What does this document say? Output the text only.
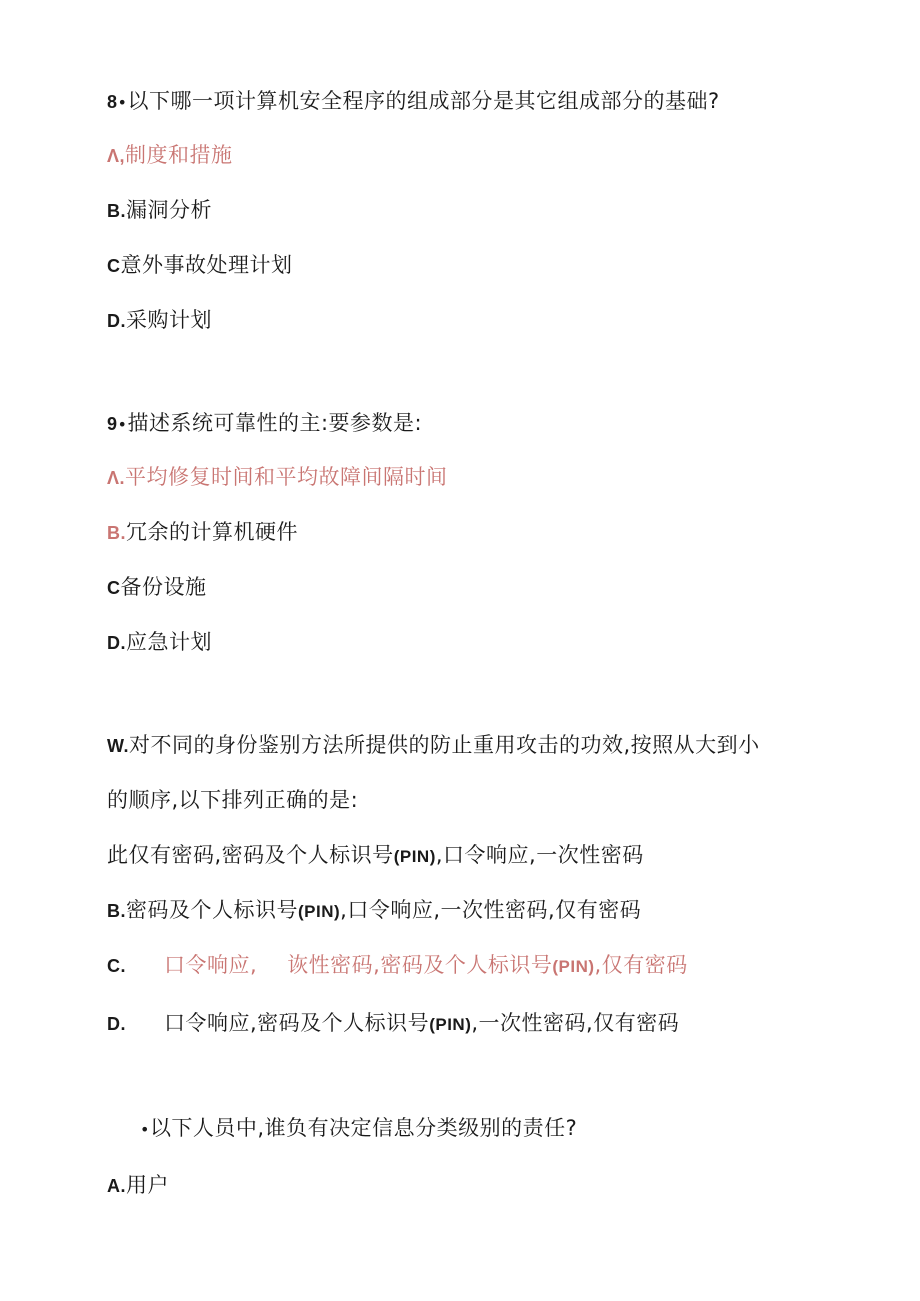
8•以下哪一项计算机安全程序的组成部分是其它组成部分的基础?
Λ,制度和措施
B.漏洞分析
C意外事故处理计划
D.采购计划
9•描述系统可靠性的主:要参数是:
Λ.平均修复时间和平均故障间隔时间
B.冗余的计算机硬件
C备份设施
D.应急计划
W.对不同的身份鉴别方法所提供的防止重用攻击的功效,按照从大到小
的顺序,以下排列正确的是:
此仅有密码,密码及个人标识号(PIN),口令响应,一次性密码
B.密码及个人标识号(PIN),口令响应,一次性密码,仅有密码
C. 口令响应, 诙性密码,密码及个人标识号(PIN),仅有密码
D. 口令响应,密码及个人标识号(PIN),一次性密码,仅有密码
•以下人员中,谁负有决定信息分类级别的责任?
A.用户
